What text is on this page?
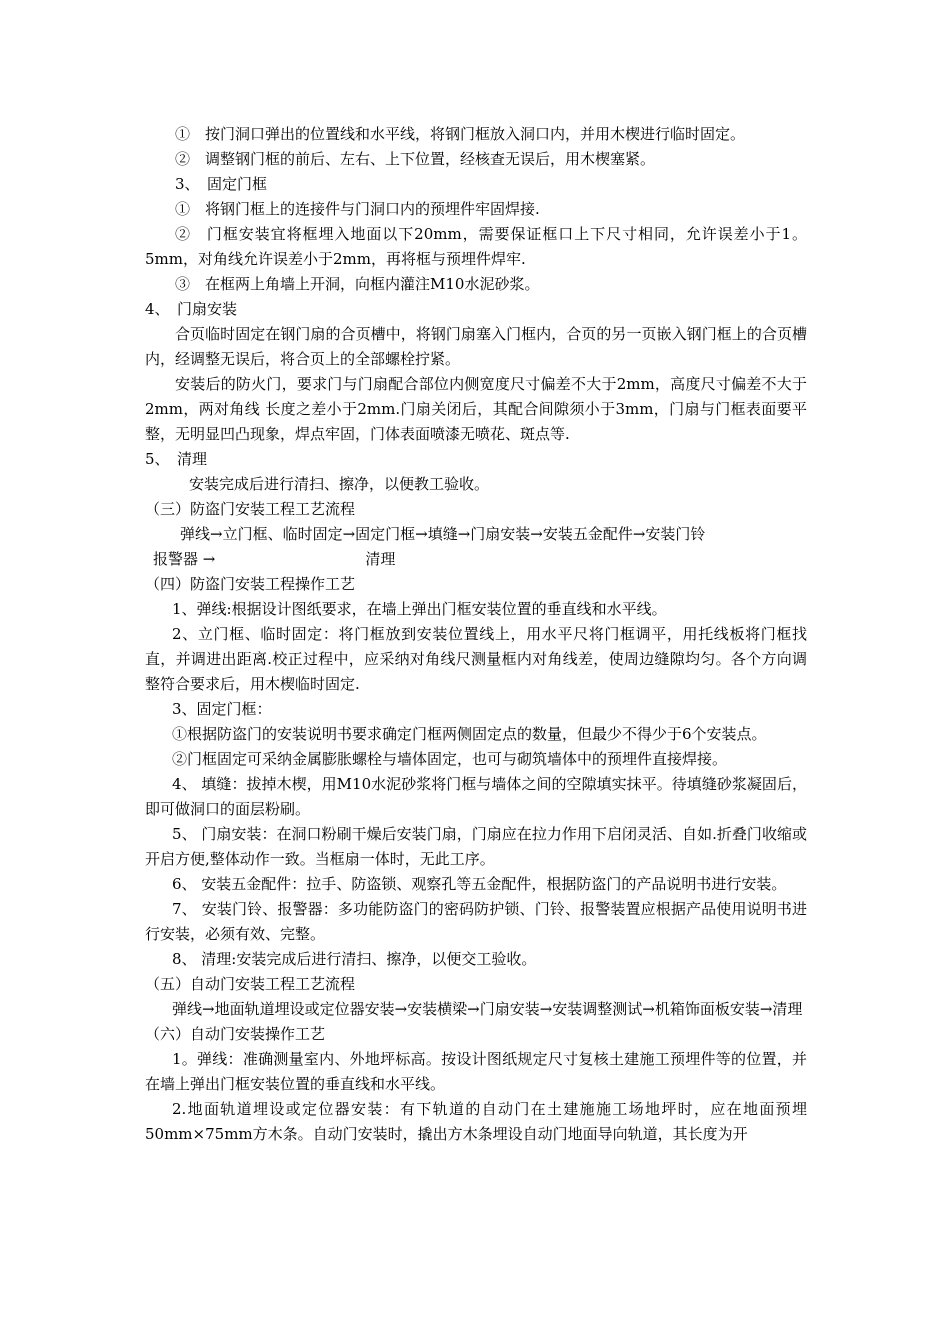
①　按门洞口弹出的位置线和水平线，将钢门框放入洞口内，并用木楔进行临时固定。

②　调整钢门框的前后、左右、上下位置，经核查无误后，用木楔塞紧。

3、　固定门框

①　将钢门框上的连接件与门洞口内的预埋件牢固焊接.

②　门框安装宜将框埋入地面以下20mm，需要保证框口上下尺寸相同，允许误差小于1。5mm，对角线允许误差小于2mm，再将框与预埋件焊牢.

③　在框两上角墙上开洞，向框内灌注M10水泥砂浆。

4、　门扇安装

合页临时固定在钢门扇的合页槽中，将钢门扇塞入门框内，合页的另一页嵌入钢门框上的合页槽内，经调整无误后，将合页上的全部螺栓拧紧。

安装后的防火门，要求门与门扇配合部位内侧宽度尺寸偏差不大于2mm，高度尺寸偏差不大于2mm，两对角线 长度之差小于2mm.门扇关闭后，其配合间隙须小于3mm，门扇与门框表面要平整，无明显凹凸现象，焊点牢固，门体表面喷漆无喷花、斑点等.

5、　清理

安装完成后进行清扫、擦净，以便教工验收。

（三）防盗门安装工程工艺流程

弹线→立门框、临时固定→固定门框→填缝→门扇安装→安装五金配件→安装门铃

报警器 →	清理

（四）防盗门安装工程操作工艺

1、弹线:根据设计图纸要求，在墙上弹出门框安装位置的垂直线和水平线。

2、立门框、临时固定：将门框放到安装位置线上，用水平尺将门框调平，用托线板将门框找直，并调进出距离.校正过程中，应采纳对角线尺测量框内对角线差，使周边缝隙均匀。各个方向调整符合要求后，用木楔临时固定.

3、固定门框：

①根据防盗门的安装说明书要求确定门框两侧固定点的数量，但最少不得少于6个安装点。

②门框固定可采纳金属膨胀螺栓与墙体固定，也可与砌筑墙体中的预埋件直接焊接。

4、 填缝：拔掉木楔，用M10水泥砂浆将门框与墙体之间的空隙填实抹平。待填缝砂浆凝固后，即可做洞口的面层粉刷。

5、 门扇安装：在洞口粉刷干燥后安装门扇，门扇应在拉力作用下启闭灵活、自如.折叠门收缩或开启方便,整体动作一致。当框扇一体时，无此工序。

6、 安装五金配件：拉手、防盗锁、观察孔等五金配件，根据防盗门的产品说明书进行安装。

7、 安装门铃、报警器：多功能防盗门的密码防护锁、门铃、报警装置应根据产品使用说明书进行安装，必须有效、完整。

8、 清理:安装完成后进行清扫、擦净，以便交工验收。

（五）自动门安装工程工艺流程

弹线→地面轨道埋设或定位器安装→安装横梁→门扇安装→安装调整测试→机箱饰面板安装→清理

（六）自动门安装操作工艺

1。弹线：准确测量室内、外地坪标高。按设计图纸规定尺寸复核土建施工预埋件等的位置，并在墙上弹出门框安装位置的垂直线和水平线。

2.地面轨道埋设或定位器安装：有下轨道的自动门在土建施施工场地坪时，应在地面预埋50mm×75mm方木条。自动门安装时，撬出方木条埋设自动门地面导向轨道，其长度为开
